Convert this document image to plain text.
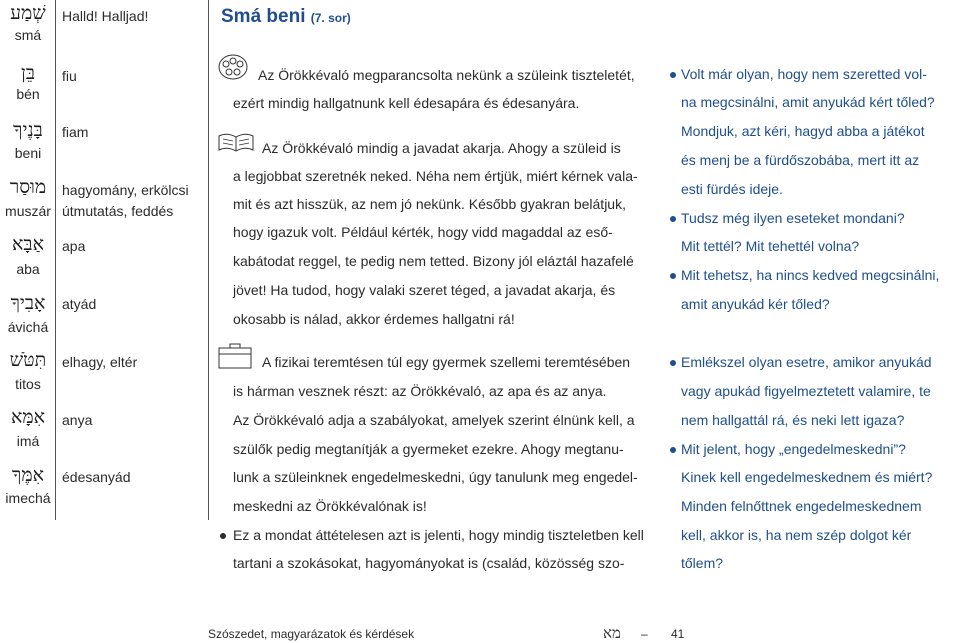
שְׁמַע
smá
Halld! Halljad!
בֵּן
bén
fiu
בָּנֶיךָ
beni
fiam
מוּסַר
muszár
hagyomány, erkölcsi
útmutatás, feddés
אַבָּא
aba
apa
אָבִיךָ
ávichá
atyád
תִּטֹּשׁ
titos
elhagy, eltér
אִמָּא
imá
anya
אִמֶּךָ
imechá
édesanyád
Smá beni (7. sor)
Az Örökkévaló megparancsolta nekünk a szüleink tiszteletét,
ezért mindig hallgatnunk kell édesapára és édesanyára.
Az Örökkévaló mindig a javadat akarja. Ahogy a szüleid is
a legjobbat szeretnék neked. Néha nem értjük, miért kérnek vala-
mit és azt hisszük, az nem jó nekünk. Később gyakran belátjuk,
hogy igazuk volt. Például kérték, hogy vidd magaddal az eső-
kabátodat reggel, te pedig nem tetted. Bizony jól eláztál hazafelé
jövet! Ha tudod, hogy valaki szeret téged, a javadat akarja, és
okosabb is nálad, akkor érdemes hallgatni rá!
A fizikai teremtésen túl egy gyermek szellemi teremtésében
is hárman vesznek részt: az Örökkévaló, az apa és az anya.
Az Örökkévaló adja a szabályokat, amelyek szerint élnünk kell, a
szülők pedig megtanítják a gyermeket ezekre. Ahogy megtanu-
lunk a szüleinknek engedelmeskedni, úgy tanulunk meg engedel-
meskedni az Örökkévalónak is!
Ez a mondat áttételesen azt is jelenti, hogy mindig tiszteletben kell
tartani a szokásokat, hagyományokat is (család, közösség szo-
Volt már olyan, hogy nem szeretted vol-
na megcsinálni, amit anyukád kért tőled?
Mondjuk, azt kéri, hagyd abba a játékot
és menj be a fürdőszobába, mert itt az
esti fürdés ideje.
Tudsz még ilyen eseteket mondani?
Mit tettél? Mit tehettél volna?
Mit tehetsz, ha nincs kedved megcsinálni,
amit anyukád kér tőled?
Emlékszel olyan esetre, amikor anyukád
vagy apukád figyelmeztetett valamire, te
nem hallgattál rá, és neki lett igaza?
Mit jelent, hogy „engedelmeskedni”?
Kinek kell engedelmeskednem és miért?
Minden felnőttnek engedelmeskednem
kell, akkor is, ha nem szép dolgot kér
tőlem?
Szószedet, magyarázatok és kérdések	מא – 41
